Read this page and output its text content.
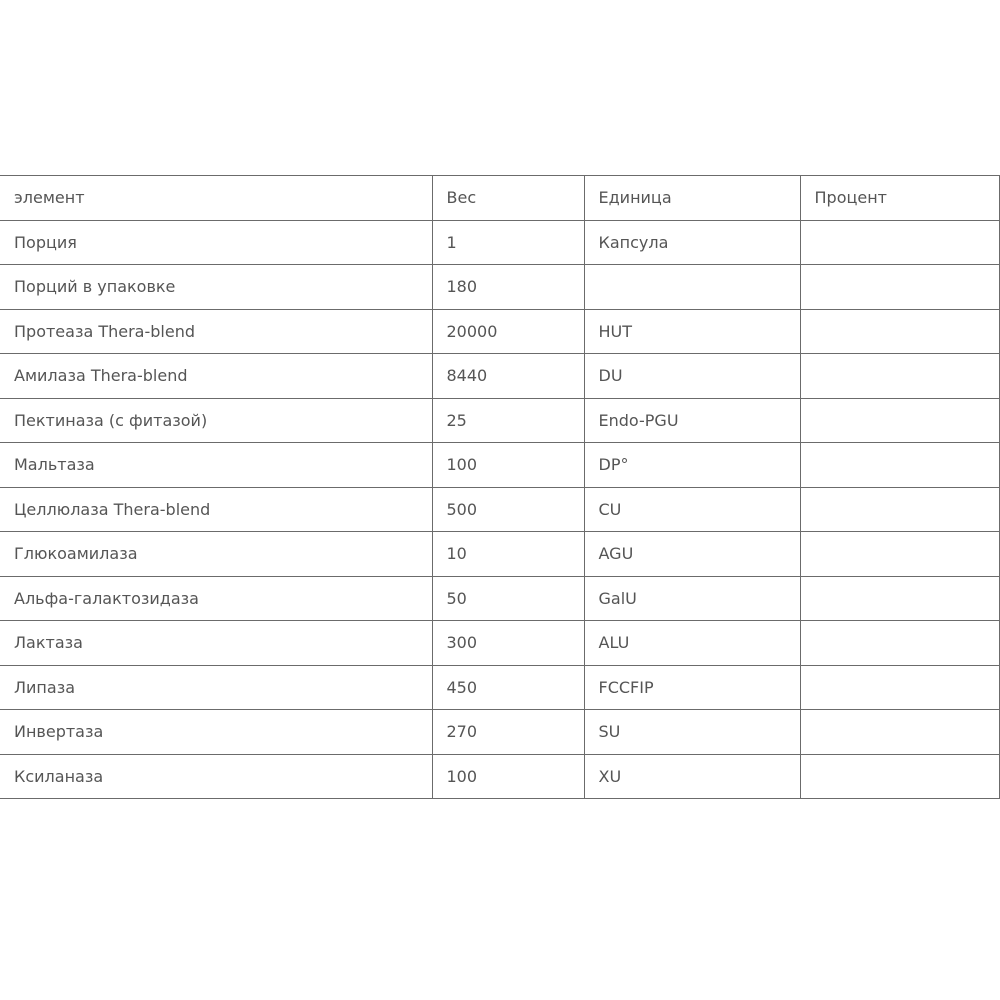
элемент	Вес	Единица	Процент
Порция	1	Капсула	
Порций в упаковке	180		
Протеаза Thera-blend	20000	HUT	
Амилаза Thera-blend	8440	DU	
Пектиназа (с фитазой)	25	Endo-PGU	
Мальтаза	100	DP°	
Целлюлаза Thera-blend	500	CU	
Глюкоамилаза	10	AGU	
Альфа-галактозидаза	50	GalU	
Лактаза	300	ALU	
Липаза	450	FCCFIP	
Инвертаза	270	SU	
Ксиланаза	100	XU	
